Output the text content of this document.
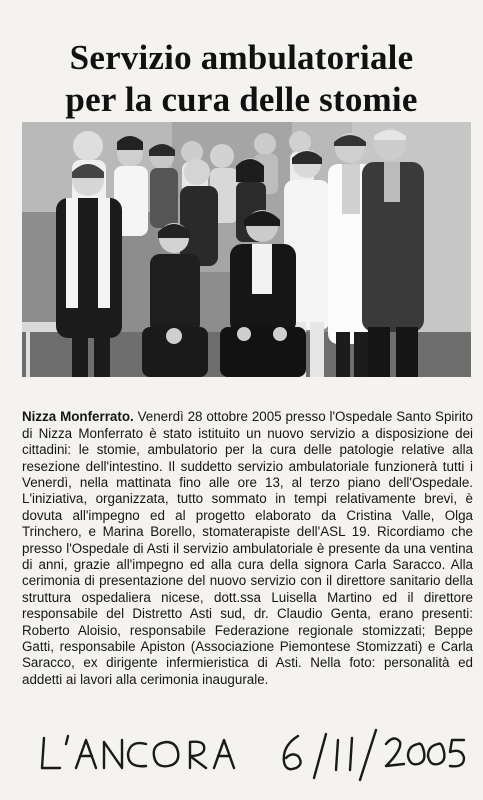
Servizio ambulatoriale
per la cura delle stomie

Nizza Monferrato. Venerdì 28 ottobre 2005 presso l'Ospedale Santo Spirito di Nizza Monferrato è stato istituito un nuovo servizio a disposizione dei cittadini: le stomie, ambulatorio per la cura delle patologie relative alla resezione dell'intestino. Il suddetto servizio ambulatoriale funzionerà tutti i Venerdì, nella mattinata fino alle ore 13, al terzo piano dell'Ospedale. L'iniziativa, organizzata, tutto sommato in tempi relativamente brevi, è dovuta all'impegno ed al progetto elaborato da Cristina Valle, Olga Trinchero, e Marina Borello, stomaterapiste dell'ASL 19. Ricordiamo che presso l'Ospedale di Asti il servizio ambulatoriale è presente da una ventina di anni, grazie all'impegno ed alla cura della signora Carla Saracco. Alla cerimonia di presentazione del nuovo servizio con il direttore sanitario della struttura ospedaliera nicese, dott.ssa Luisella Martino ed il direttore responsabile del Distretto Asti sud, dr. Claudio Genta, erano presenti: Roberto Aloisio, responsabile Federazione regionale stomizzati; Beppe Gatti, responsabile Apiston (Associazione Piemontese Stomizzati) e Carla Saracco, ex dirigente infermieristica di Asti. Nella foto: personalità ed addetti ai lavori alla cerimonia inaugurale.
